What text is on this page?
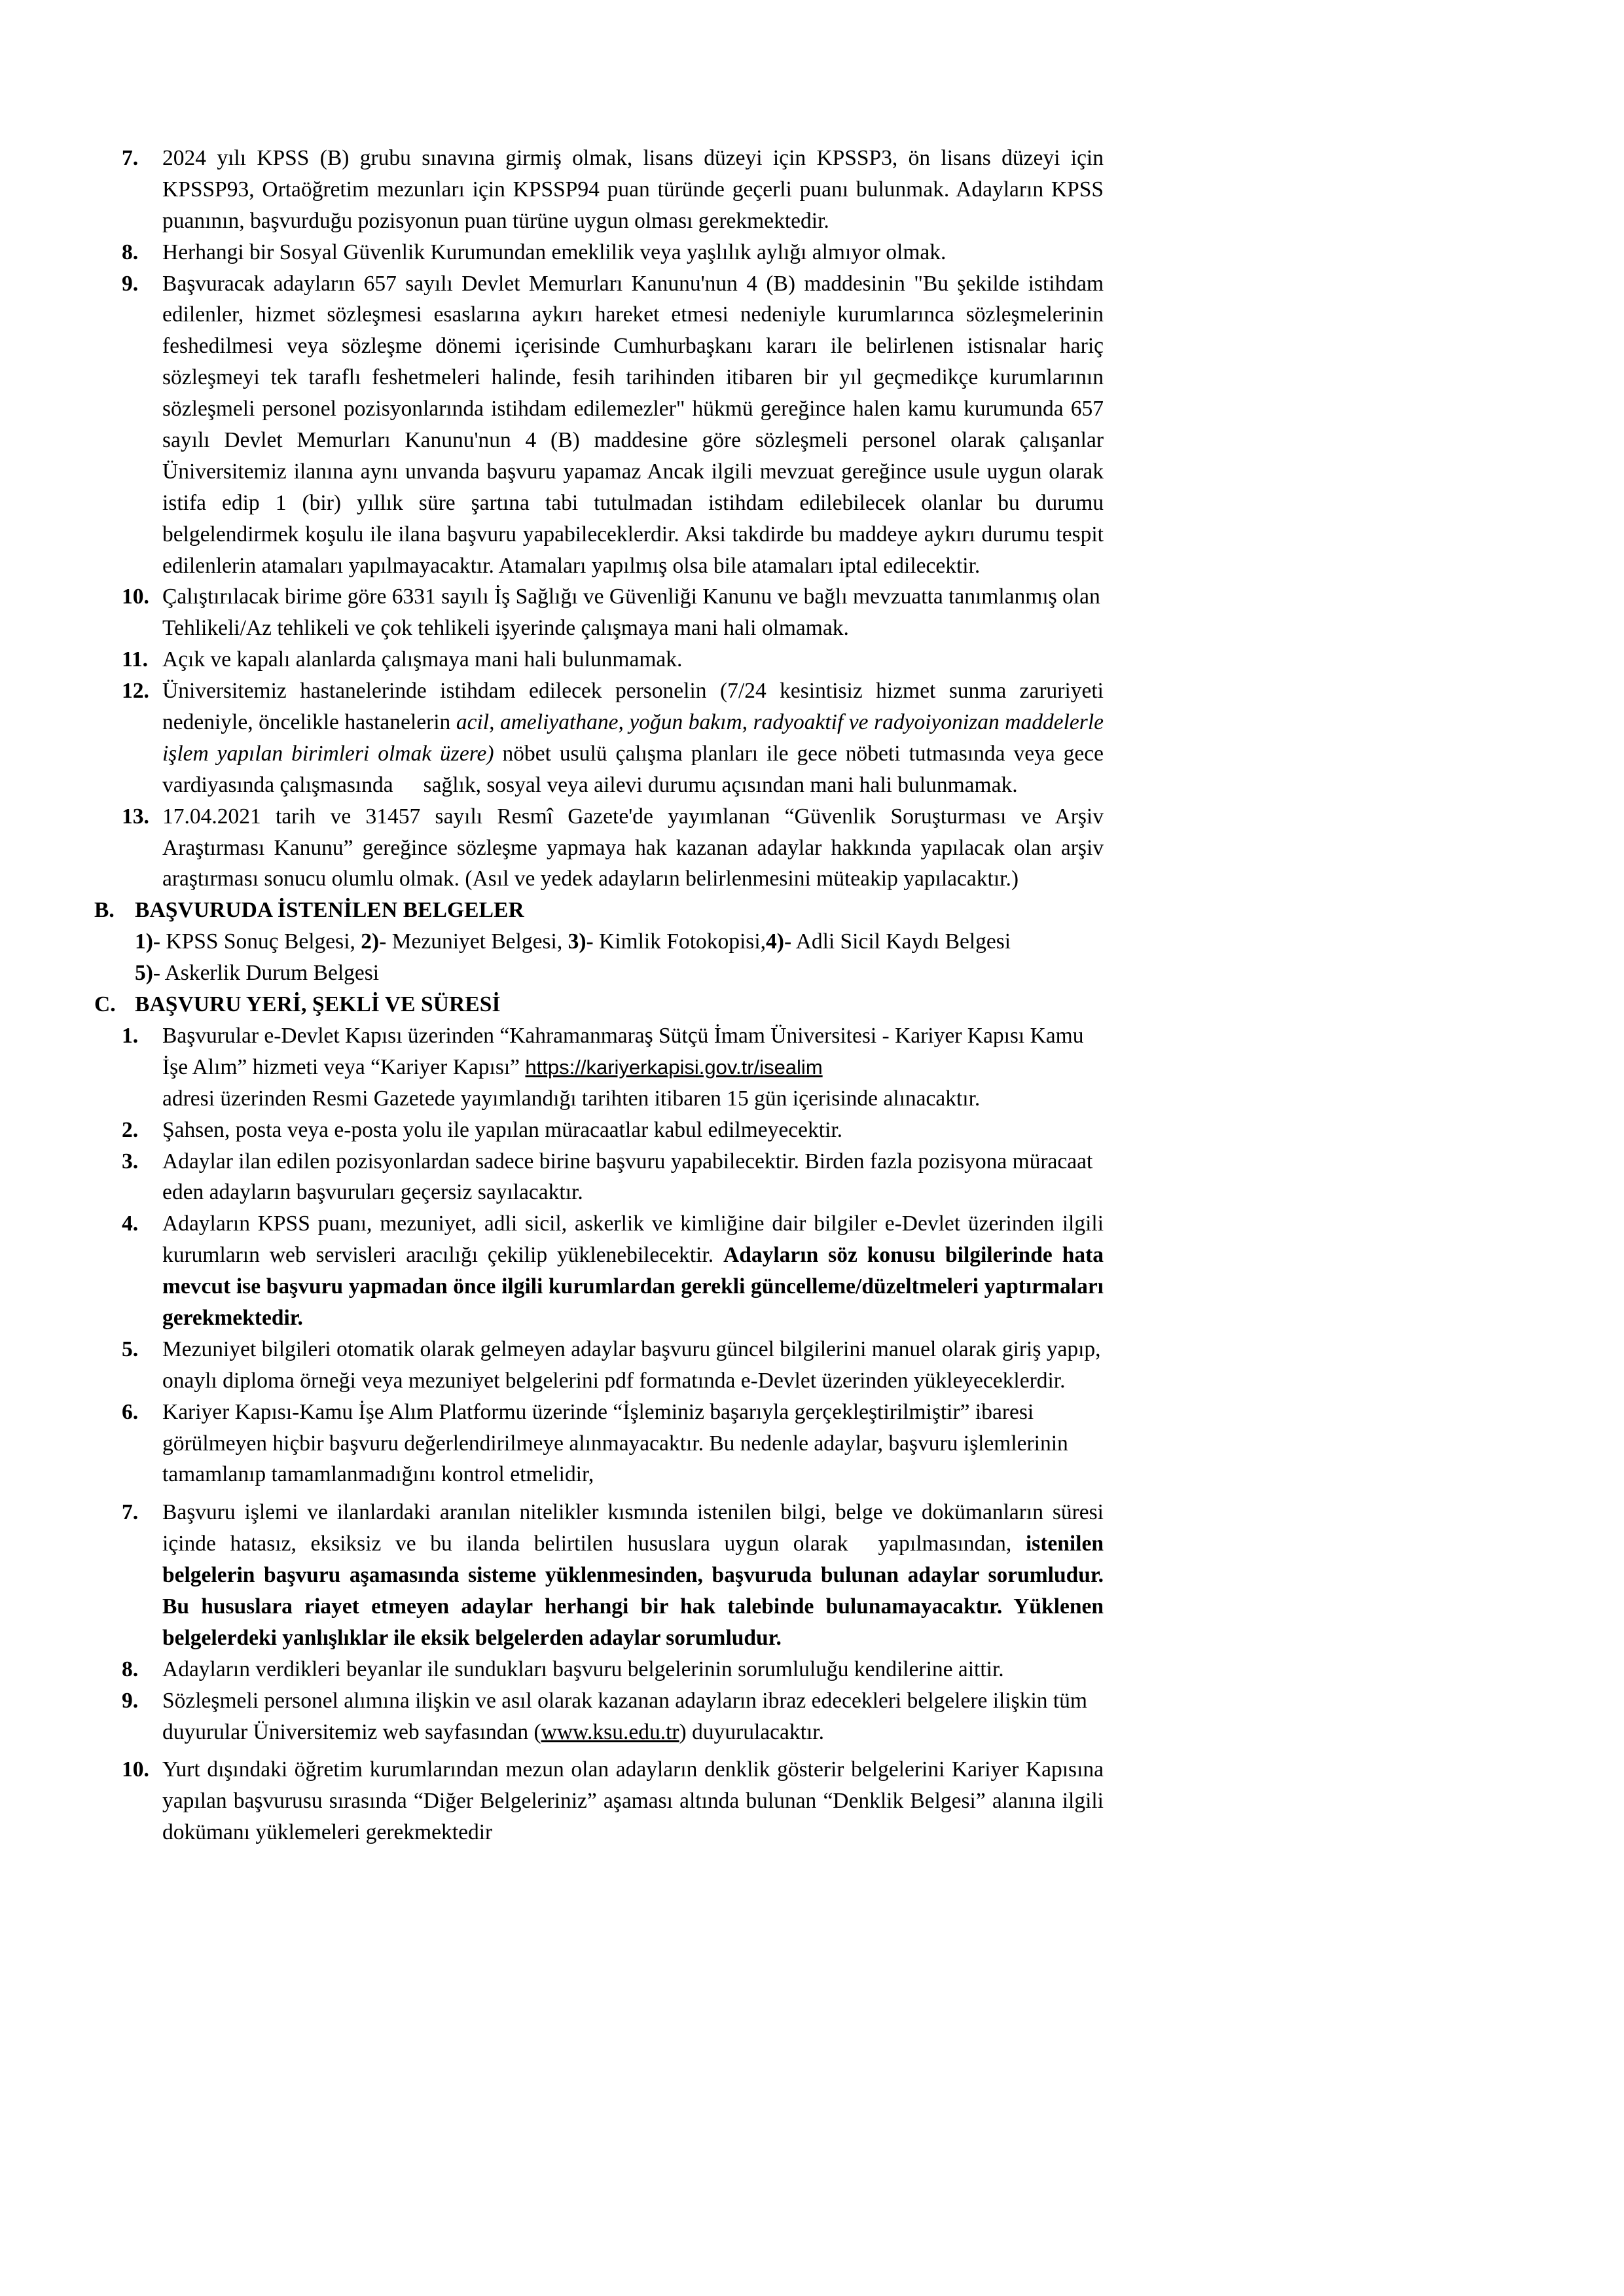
7.	2024 yılı KPSS (B) grubu sınavına girmiş olmak, lisans düzeyi için KPSSP3, ön lisans düzeyi için KPSSP93, Ortaöğretim mezunları için KPSSP94 puan türünde geçerli puanı bulunmak. Adayların KPSS puanının, başvurduğu pozisyonun puan türüne uygun olması gerekmektedir.
8.	Herhangi bir Sosyal Güvenlik Kurumundan emeklilik veya yaşlılık aylığı almıyor olmak.
9.	Başvuracak adayların 657 sayılı Devlet Memurları Kanunu'nun 4 (B) maddesinin "Bu şekilde istihdam edilenler, hizmet sözleşmesi esaslarına aykırı hareket etmesi nedeniyle kurumlarınca sözleşmelerinin feshedilmesi veya sözleşme dönemi içerisinde Cumhurbaşkanı kararı ile belirlenen istisnalar hariç sözleşmeyi tek taraflı feshetmeleri halinde, fesih tarihinden itibaren bir yıl geçmedikçe kurumlarının sözleşmeli personel pozisyonlarında istihdam edilemezler" hükmü gereğince halen kamu kurumunda 657 sayılı Devlet Memurları Kanunu'nun 4 (B) maddesine göre sözleşmeli personel olarak çalışanlar Üniversitemiz ilanına aynı unvanda başvuru yapamaz Ancak ilgili mevzuat gereğince usule uygun olarak istifa edip 1 (bir) yıllık süre şartına tabi tutulmadan istihdam edilebilecek olanlar bu durumu belgelendirmek koşulu ile ilana başvuru yapabileceklerdir. Aksi takdirde bu maddeye aykırı durumu tespit edilenlerin atamaları yapılmayacaktır. Atamaları yapılmış olsa bile atamaları iptal edilecektir.
10. Çalıştırılacak birime göre 6331 sayılı İş Sağlığı ve Güvenliği Kanunu ve bağlı mevzuatta tanımlanmış olan Tehlikeli/Az tehlikeli ve çok tehlikeli işyerinde çalışmaya mani hali olmamak.
11. Açık ve kapalı alanlarda çalışmaya mani hali bulunmamak.
12. Üniversitemiz hastanelerinde istihdam edilecek personelin (7/24 kesintisiz hizmet sunma zaruriyeti nedeniyle, öncelikle hastanelerin acil, ameliyathane, yoğun bakım, radyoaktif ve radyoiyonizan maddelerle işlem yapılan birimleri olmak üzere) nöbet usulü çalışma planları ile gece nöbeti tutmasında veya gece vardiyasında çalışmasında sağlık, sosyal veya ailevi durumu açısından mani hali bulunmamak.
13. 17.04.2021 tarih ve 31457 sayılı Resmî Gazete'de yayımlanan “Güvenlik Soruşturması ve Arşiv Araştırması Kanunu” gereğince sözleşme yapmaya hak kazanan adaylar hakkında yapılacak olan arşiv araştırması sonucu olumlu olmak. (Asıl ve yedek adayların belirlenmesini müteakip yapılacaktır.)
B. BAŞVURUDA İSTENİLEN BELGELER
1)- KPSS Sonuç Belgesi, 2)- Mezuniyet Belgesi, 3)- Kimlik Fotokopisi,4)- Adli Sicil Kaydı Belgesi
5)- Askerlik Durum Belgesi
C. BAŞVURU YERİ, ŞEKLİ VE SÜRESİ
1.	Başvurular e-Devlet Kapısı üzerinden “Kahramanmaraş Sütçü İmam Üniversitesi - Kariyer Kapısı Kamu İşe Alım” hizmeti veya “Kariyer Kapısı” https://kariyerkapisi.gov.tr/isealim
adresi üzerinden Resmi Gazetede yayımlandığı tarihten itibaren 15 gün içerisinde alınacaktır.
2.	Şahsen, posta veya e-posta yolu ile yapılan müracaatlar kabul edilmeyecektir.
3.	Adaylar ilan edilen pozisyonlardan sadece birine başvuru yapabilecektir. Birden fazla pozisyona müracaat eden adayların başvuruları geçersiz sayılacaktır.
4.	Adayların KPSS puanı, mezuniyet, adli sicil, askerlik ve kimliğine dair bilgiler e-Devlet üzerinden ilgili kurumların web servisleri aracılığı çekilip yüklenebilecektir. Adayların söz konusu bilgilerinde hata mevcut ise başvuru yapmadan önce ilgili kurumlardan gerekli güncelleme/düzeltmeleri yaptırmaları gerekmektedir.
5.	Mezuniyet bilgileri otomatik olarak gelmeyen adaylar başvuru güncel bilgilerini manuel olarak giriş yapıp, onaylı diploma örneği veya mezuniyet belgelerini pdf formatında e-Devlet üzerinden yükleyeceklerdir.
6.	Kariyer Kapısı-Kamu İşe Alım Platformu üzerinde “İşleminiz başarıyla gerçekleştirilmiştir” ibaresi görülmeyen hiçbir başvuru değerlendirilmeye alınmayacaktır. Bu nedenle adaylar, başvuru işlemlerinin tamamlanıp tamamlanmadığını kontrol etmelidir,
7.	Başvuru işlemi ve ilanlardaki aranılan nitelikler kısmında istenilen bilgi, belge ve dokümanların süresi içinde hatasız, eksiksiz ve bu ilanda belirtilen hususlara uygun olarak yapılmasından, istenilen belgelerin başvuru aşamasında sisteme yüklenmesinden, başvuruda bulunan adaylar sorumludur. Bu hususlara riayet etmeyen adaylar herhangi bir hak talebinde bulunamayacaktır. Yüklenen belgelerdeki yanlışlıklar ile eksik belgelerden adaylar sorumludur.
8.	Adayların verdikleri beyanlar ile sundukları başvuru belgelerinin sorumluluğu kendilerine aittir.
9.	Sözleşmeli personel alımına ilişkin ve asıl olarak kazanan adayların ibraz edecekleri belgelere ilişkin tüm duyurular Üniversitemiz web sayfasından (www.ksu.edu.tr) duyurulacaktır.
10. Yurt dışındaki öğretim kurumlarından mezun olan adayların denklik gösterir belgelerini Kariyer Kapısına yapılan başvurusu sırasında “Diğer Belgeleriniz” aşaması altında bulunan “Denklik Belgesi” alanına ilgili dokümanı yüklemeleri gerekmektedir
